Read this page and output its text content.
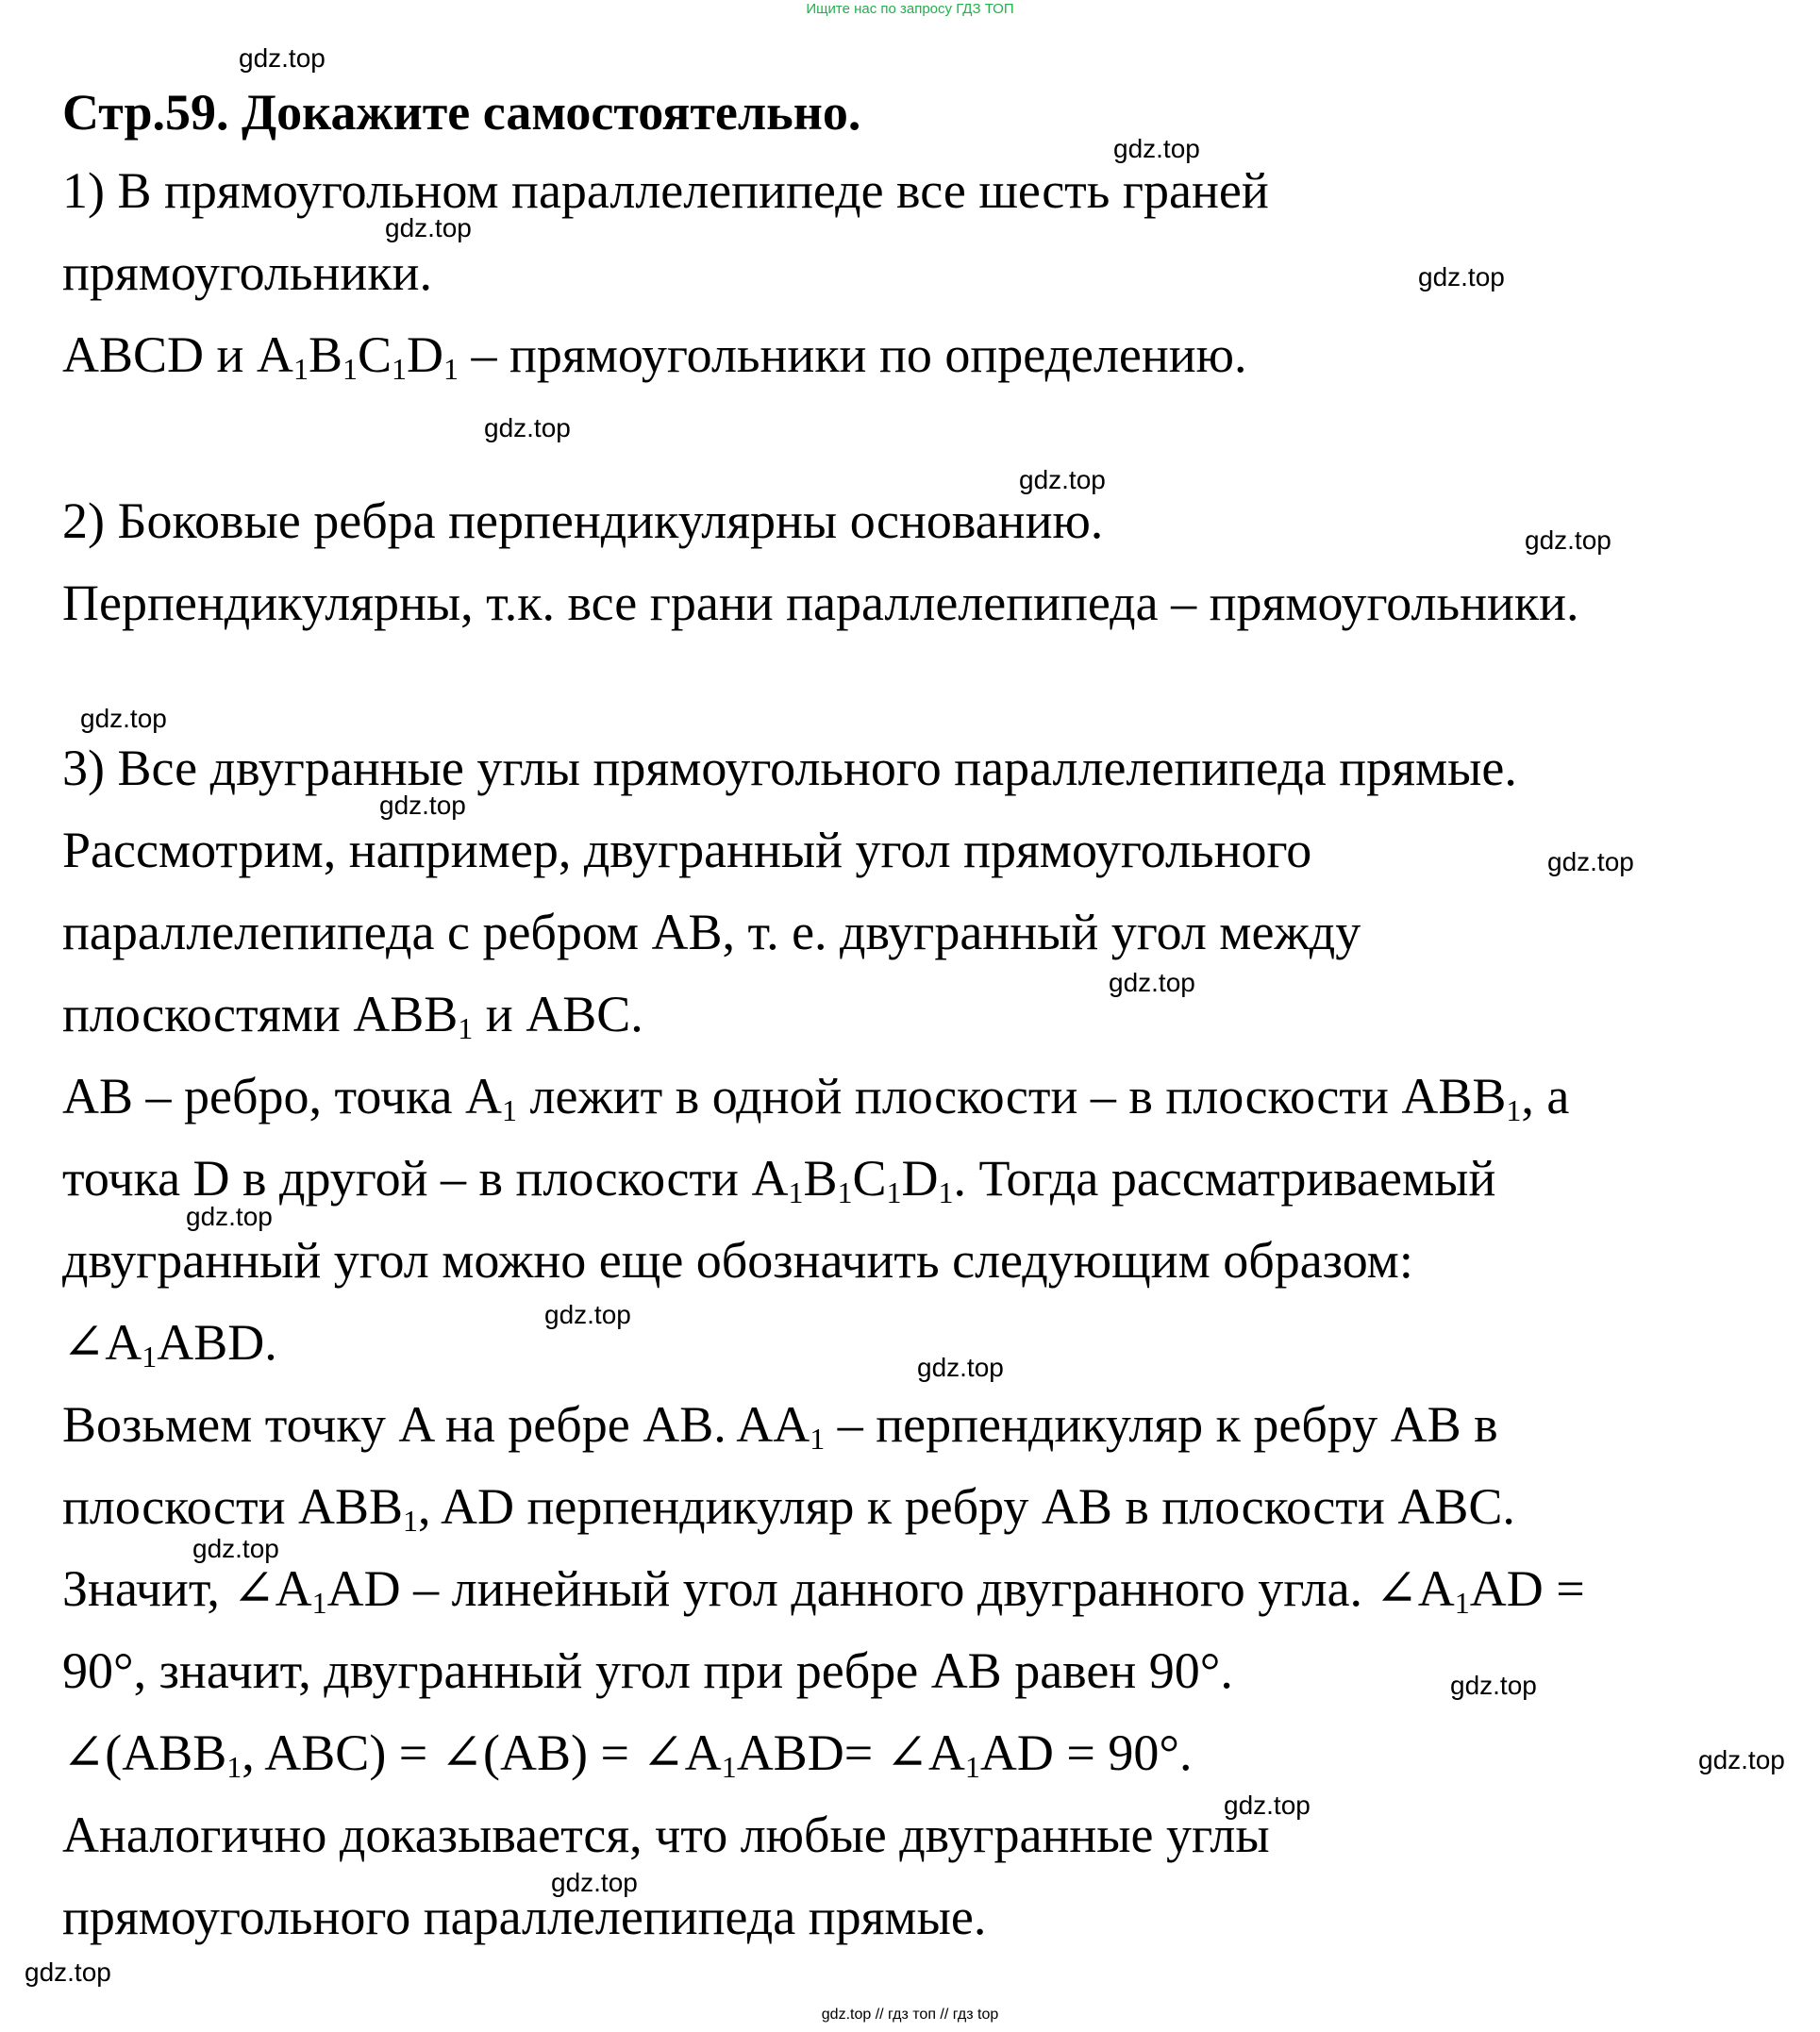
Ищите нас по запросу ГДЗ ТОП
Стр.59. Докажите самостоятельно.

1) В прямоугольном параллелепипеде все шесть граней

прямоугольники.

ABCD и $A_1B_1C_1D_1$ – прямоугольники по определению.

2) Боковые ребра перпендикулярны основанию.

Перпендикулярны, т.к. все грани параллелепипеда – прямоугольники.

3) Все двугранные углы прямоугольного параллелепипеда прямые.

Рассмотрим, например, двугранный угол прямоугольного

параллелепипеда с ребром AB, т. е. двугранный угол между

плоскостями $ABB_1$ и ABC.

AB – ребро, точка $A_1$ лежит в одной плоскости – в плоскости $ABB_1$, а

точка D в другой – в плоскости $A_1B_1C_1D_1$. Тогда рассматриваемый

двугранный угол можно еще обозначить следующим образом:

$\angle A_1ABD$.

Возьмем точку A на ребре AB. $AA_1$ – перпендикуляр к ребру AB в

плоскости $ABB_1$, AD перпендикуляр к ребру AB в плоскости ABC.

Значит, $\angle A_1AD$ – линейный угол данного двугранного угла. $\angle A_1AD$ =

90°, значит, двугранный угол при ребре AB равен 90°.

$\angle(ABB_1$, ABC) = ∠(AB) = $\angle A_1ABD=$ $\angle A_1AD = 90^\circ$.

Аналогично доказывается, что любые двугранные углы

прямоугольного параллелепипеда прямые.

gdz.top
gdz.top
gdz.top
gdz.top
gdz.top
gdz.top
gdz.top
gdz.top
gdz.top
gdz.top
gdz.top
gdz.top
gdz.top
gdz.top
gdz.top
gdz.top
gdz.top
gdz.top
gdz.top
gdz.top
gdz.top // гдз топ // гдз top
